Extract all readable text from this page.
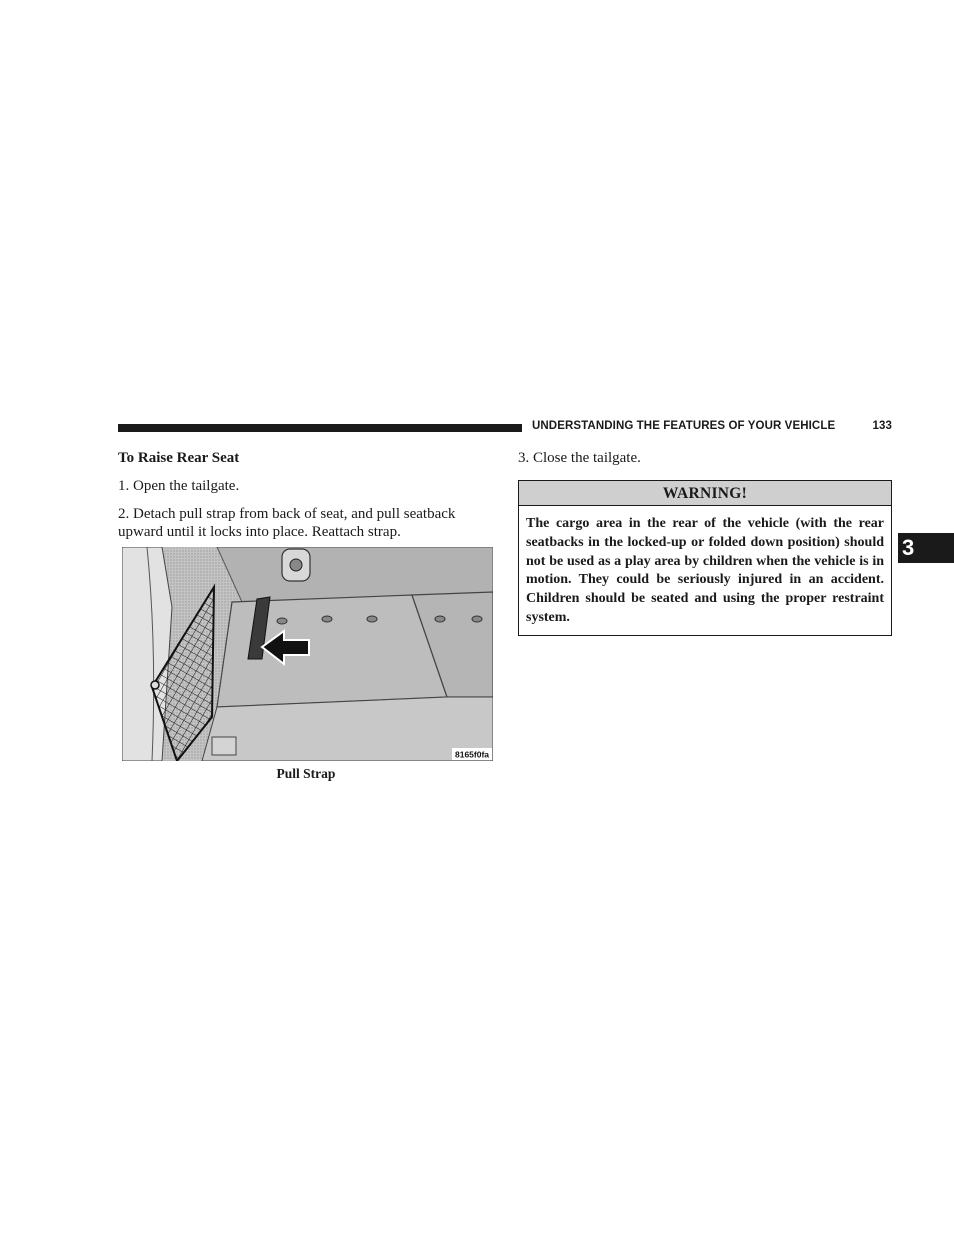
UNDERSTANDING THE FEATURES OF YOUR VEHICLE	133
3

To Raise Rear Seat

1. Open the tailgate.

2. Detach pull strap from back of seat, and pull seatback upward until it locks into place. Reattach strap.

8165f0fa
Pull Strap

3. Close the tailgate.

WARNING!
The cargo area in the rear of the vehicle (with the rear seatbacks in the locked-up or folded down position) should not be used as a play area by children when the vehicle is in motion. They could be seriously injured in an accident. Children should be seated and using the proper restraint system.
